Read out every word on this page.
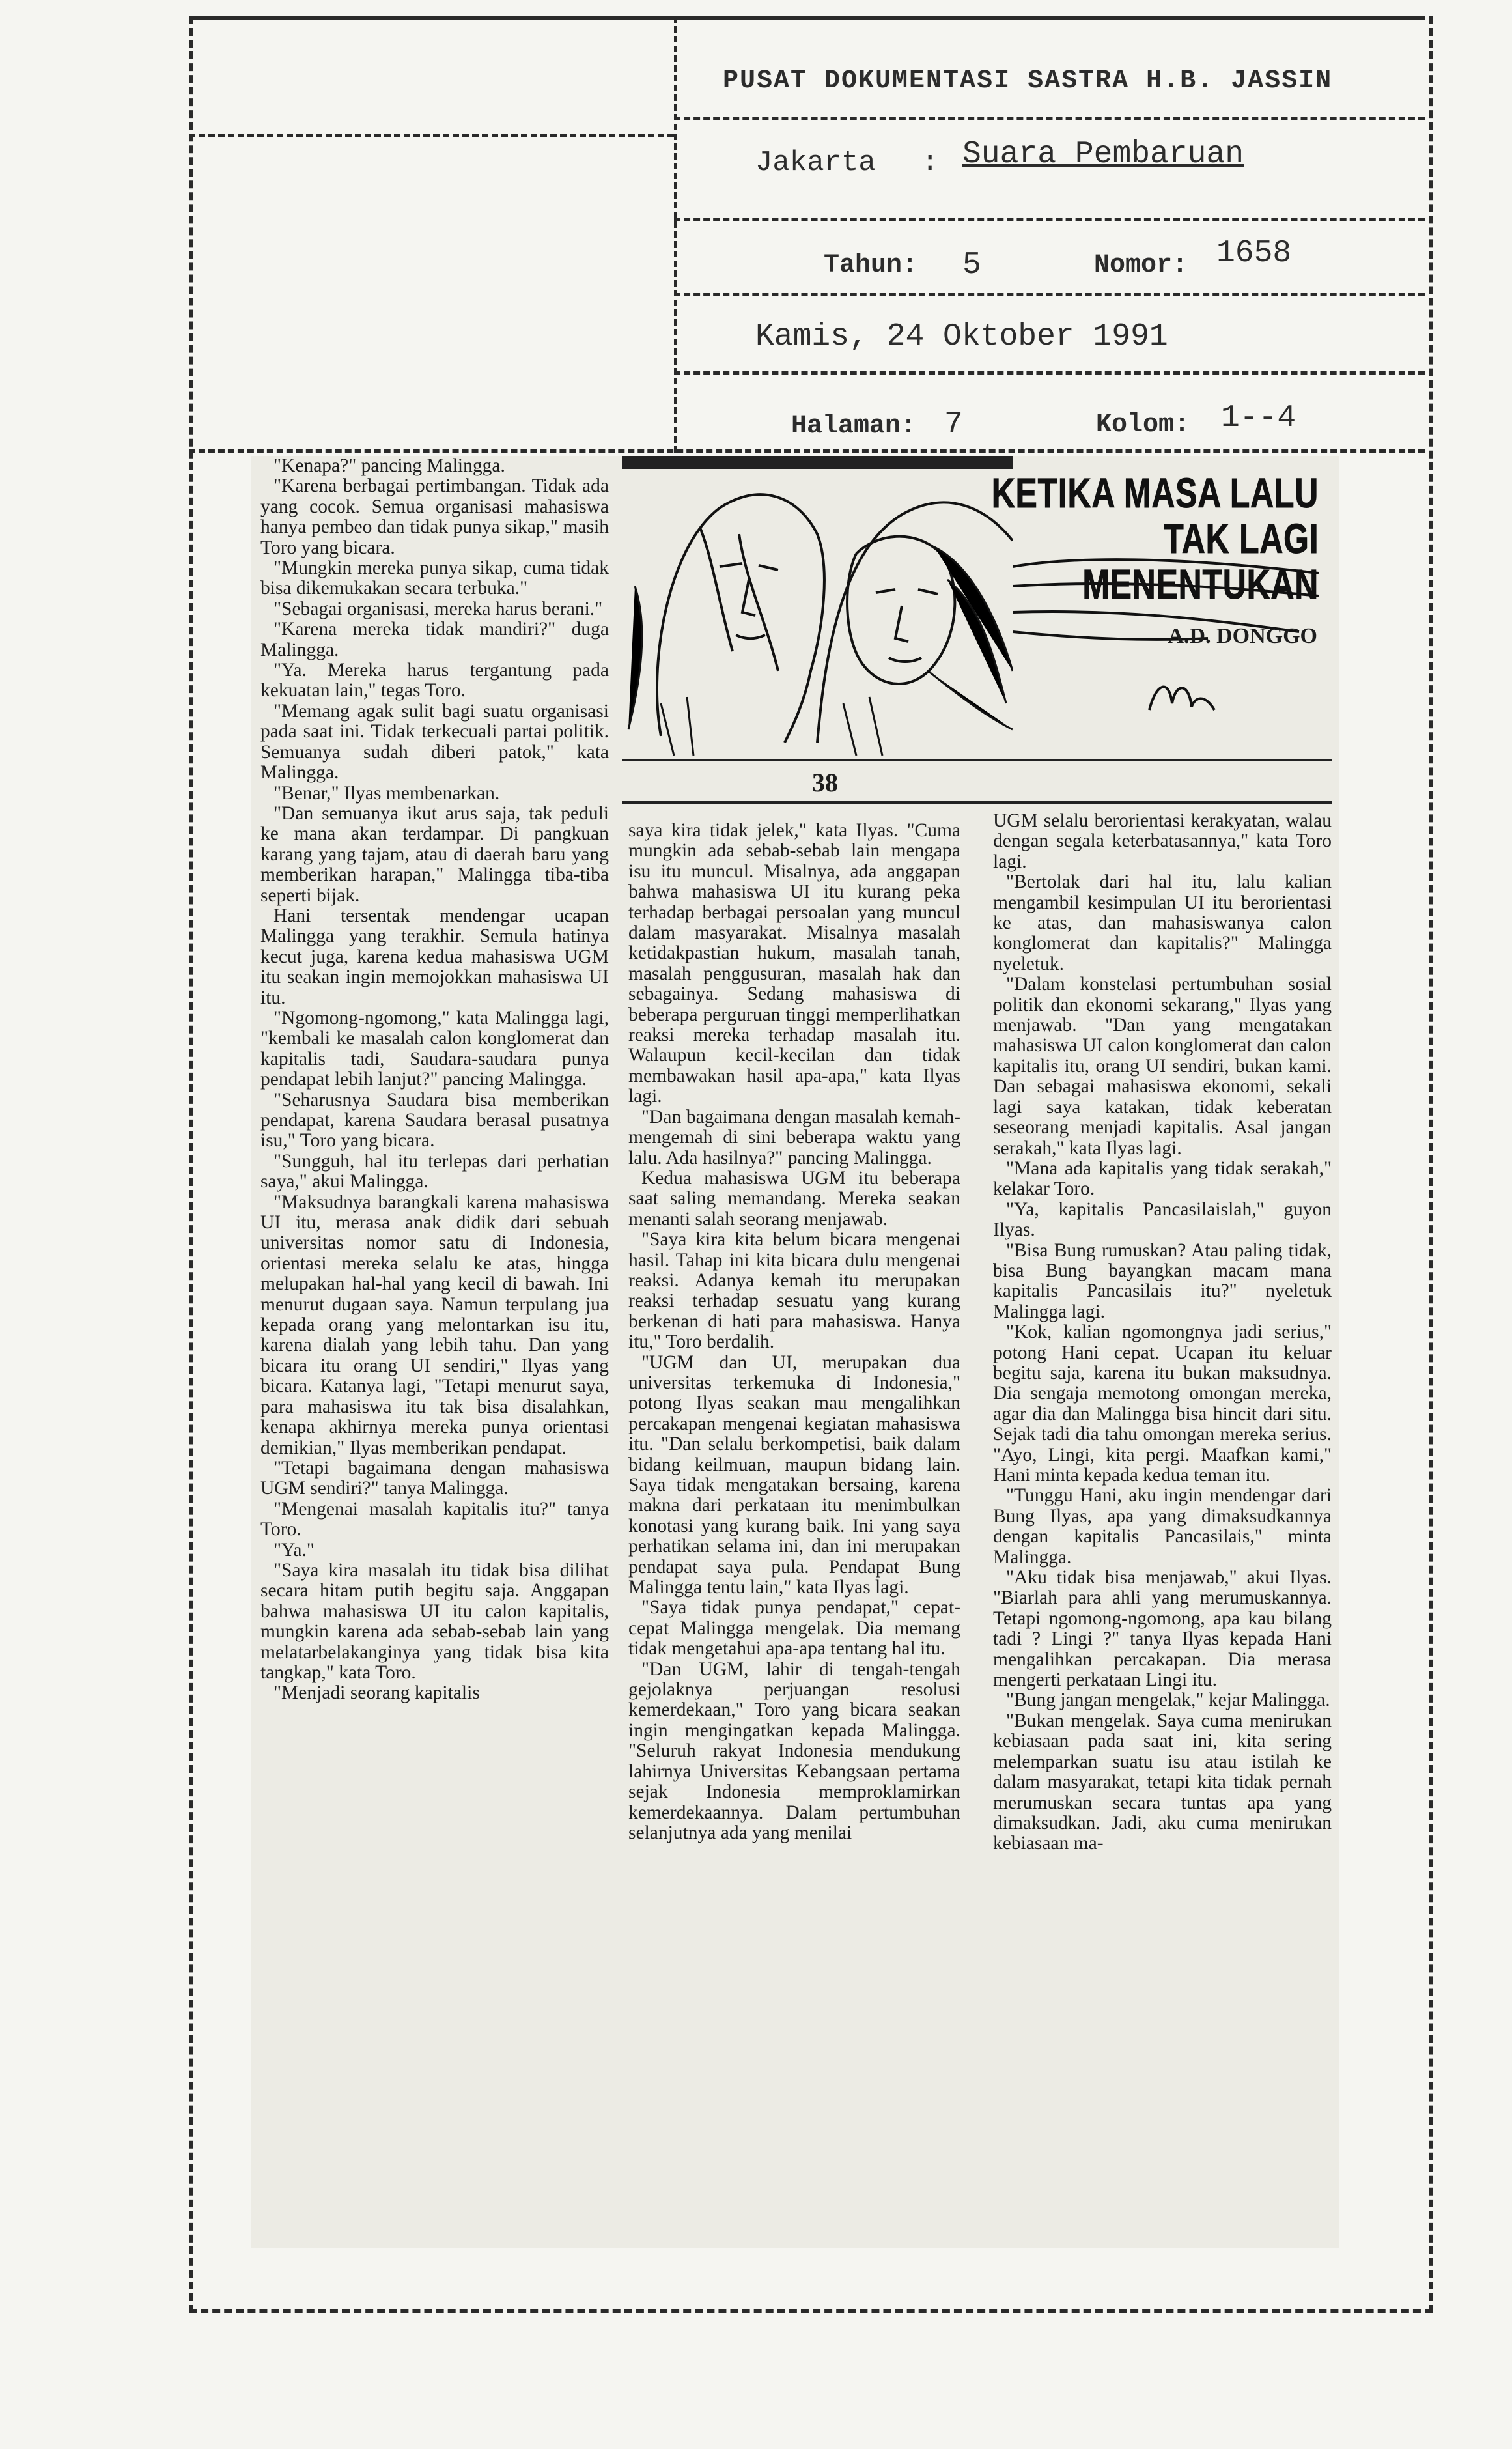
PUSAT DOKUMENTASI SASTRA H.B. JASSIN
Jakarta : Suara Pembaruan
Tahun: 5	Nomor: 1658
Kamis, 24 Oktober 1991
Halaman: 7	Kolom: 1--4

"Kenapa?" pancing Malingga.

"Karena berbagai pertimbangan. Tidak ada yang cocok. Semua organisasi mahasiswa hanya pembeo dan tidak punya sikap," masih Toro yang bicara.

"Mungkin mereka punya sikap, cuma tidak bisa dikemukakan secara terbuka."

"Sebagai organisasi, mereka harus berani."

"Karena mereka tidak mandiri?" duga Malingga.

"Ya. Mereka harus tergantung pada kekuatan lain," tegas Toro.

"Memang agak sulit bagi suatu organisasi pada saat ini. Tidak terkecuali partai politik. Semuanya sudah diberi patok," kata Malingga.

"Benar," Ilyas membenarkan.

"Dan semuanya ikut arus saja, tak peduli ke mana akan terdampar. Di pangkuan karang yang tajam, atau di daerah baru yang memberikan harapan," Malingga tiba-tiba seperti bijak.

Hani tersentak mendengar ucapan Malingga yang terakhir. Semula hatinya kecut juga, karena kedua mahasiswa UGM itu seakan ingin memojokkan mahasiswa UI itu.

"Ngomong-ngomong," kata Malingga lagi, "kembali ke masalah calon konglomerat dan kapitalis tadi, Saudara-saudara punya pendapat lebih lanjut?" pancing Malingga.

"Seharusnya Saudara bisa memberikan pendapat, karena Saudara berasal pusatnya isu," Toro yang bicara.

"Sungguh, hal itu terlepas dari perhatian saya," akui Malingga.

"Maksudnya barangkali karena mahasiswa UI itu, merasa anak didik dari sebuah universitas nomor satu di Indonesia, orientasi mereka selalu ke atas, hingga melupakan hal-hal yang kecil di bawah. Ini menurut dugaan saya. Namun terpulang jua kepada orang yang melontarkan isu itu, karena dialah yang lebih tahu. Dan yang bicara itu orang UI sendiri," Ilyas yang bicara. Katanya lagi, "Tetapi menurut saya, para mahasiswa itu tak bisa disalahkan, kenapa akhirnya mereka punya orientasi demikian," Ilyas memberikan pendapat.

"Tetapi bagaimana dengan mahasiswa UGM sendiri?" tanya Malingga.

"Mengenai masalah kapitalis itu?" tanya Toro.

"Ya."

"Saya kira masalah itu tidak bisa dilihat secara hitam putih begitu saja. Anggapan bahwa mahasiswa UI itu calon kapitalis, mungkin karena ada sebab-sebab lain yang melatarbelakanginya yang tidak bisa kita tangkap," kata Toro.

"Menjadi seorang kapitalis

KETIKA MASA LALU
TAK LAGI
MENENTUKAN
A.D. DONGGO
38

saya kira tidak jelek," kata Ilyas. "Cuma mungkin ada sebab-sebab lain mengapa isu itu muncul. Misalnya, ada anggapan bahwa mahasiswa UI itu kurang peka terhadap berbagai persoalan yang muncul dalam masyarakat. Misalnya masalah ketidakpastian hukum, masalah tanah, masalah penggusuran, masalah hak dan sebagainya. Sedang mahasiswa di beberapa perguruan tinggi memperlihatkan reaksi mereka terhadap masalah itu. Walaupun kecil-kecilan dan tidak membawakan hasil apa-apa," kata Ilyas lagi.

"Dan bagaimana dengan masalah kemah-mengemah di sini beberapa waktu yang lalu. Ada hasilnya?" pancing Malingga.

Kedua mahasiswa UGM itu beberapa saat saling memandang. Mereka seakan menanti salah seorang menjawab.

"Saya kira kita belum bicara mengenai hasil. Tahap ini kita bicara dulu mengenai reaksi. Adanya kemah itu merupakan reaksi terhadap sesuatu yang kurang berkenan di hati para mahasiswa. Hanya itu," Toro berdalih.

"UGM dan UI, merupakan dua universitas terkemuka di Indonesia," potong Ilyas seakan mau mengalihkan percakapan mengenai kegiatan mahasiswa itu. "Dan selalu berkompetisi, baik dalam bidang keilmuan, maupun bidang lain. Saya tidak mengatakan bersaing, karena makna dari perkataan itu menimbulkan konotasi yang kurang baik. Ini yang saya perhatikan selama ini, dan ini merupakan pendapat saya pula. Pendapat Bung Malingga tentu lain," kata Ilyas lagi.

"Saya tidak punya pendapat," cepat-cepat Malingga mengelak. Dia memang tidak mengetahui apa-apa tentang hal itu.

"Dan UGM, lahir di tengah-tengah gejolaknya perjuangan resolusi kemerdekaan," Toro yang bicara seakan ingin mengingatkan kepada Malingga. "Seluruh rakyat Indonesia mendukung lahirnya Universitas Kebangsaan pertama sejak Indonesia memproklamirkan kemerdekaannya. Dalam pertumbuhan selanjutnya ada yang menilai

UGM selalu berorientasi kerakyatan, walau dengan segala keterbatasannya," kata Toro lagi.

"Bertolak dari hal itu, lalu kalian mengambil kesimpulan UI itu berorientasi ke atas, dan mahasiswanya calon konglomerat dan kapitalis?" Malingga nyeletuk.

"Dalam konstelasi pertumbuhan sosial politik dan ekonomi sekarang," Ilyas yang menjawab. "Dan yang mengatakan mahasiswa UI calon konglomerat dan calon kapitalis itu, orang UI sendiri, bukan kami. Dan sebagai mahasiswa ekonomi, sekali lagi saya katakan, tidak keberatan seseorang menjadi kapitalis. Asal jangan serakah," kata Ilyas lagi.

"Mana ada kapitalis yang tidak serakah," kelakar Toro.

"Ya, kapitalis Pancasilaislah," guyon Ilyas.

"Bisa Bung rumuskan? Atau paling tidak, bisa Bung bayangkan macam mana kapitalis Pancasilais itu?" nyeletuk Malingga lagi.

"Kok, kalian ngomongnya jadi serius," potong Hani cepat. Ucapan itu keluar begitu saja, karena itu bukan maksudnya. Dia sengaja memotong omongan mereka, agar dia dan Malingga bisa hincit dari situ. Sejak tadi dia tahu omongan mereka serius. "Ayo, Lingi, kita pergi. Maafkan kami," Hani minta kepada kedua teman itu.

"Tunggu Hani, aku ingin mendengar dari Bung Ilyas, apa yang dimaksudkannya dengan kapitalis Pancasilais," minta Malingga.

"Aku tidak bisa menjawab," akui Ilyas. "Biarlah para ahli yang merumuskannya. Tetapi ngomong-ngomong, apa kau bilang tadi ? Lingi ?" tanya Ilyas kepada Hani mengalihkan percakapan. Dia merasa mengerti perkataan Lingi itu.

"Bung jangan mengelak," kejar Malingga.

"Bukan mengelak. Saya cuma menirukan kebiasaan pada saat ini, kita sering melemparkan suatu isu atau istilah ke dalam masyarakat, tetapi kita tidak pernah merumuskan secara tuntas apa yang dimaksudkan. Jadi, aku cuma menirukan kebiasaan ma-
